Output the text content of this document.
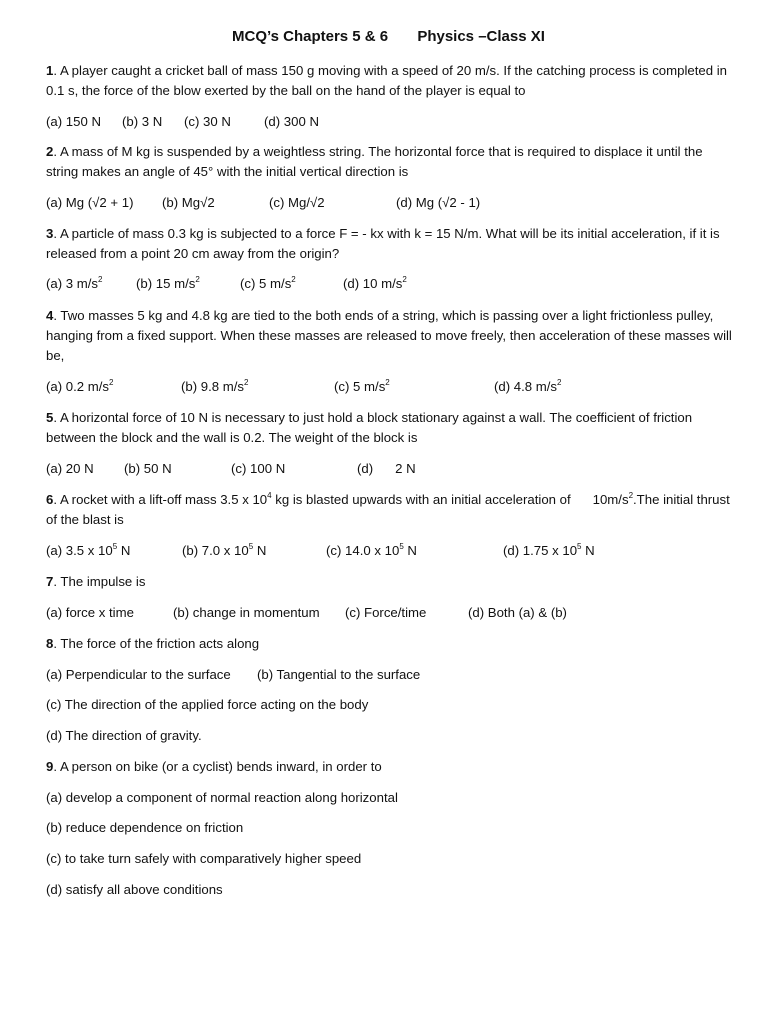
MCQ’s Chapters 5 & 6       Physics –Class XI
1. A player caught a cricket ball of mass 150 g moving with a speed of 20 m/s. If the catching process is completed in 0.1 s, the force of the blow exerted by the ball on the hand of the player is equal to
(a) 150 N (b) 3 N (c) 30 N	(d) 300 N
2. A mass of M kg is suspended by a weightless string. The horizontal force that is required to displace it until the string makes an angle of 45° with the initial vertical direction is
(a) Mg (√2 + 1) (b) Mg√2	(c) Mg/√2	(d) Mg (√2 - 1)
3. A particle of mass 0.3 kg is subjected to a force F = - kx with k = 15 N/m. What will be its initial acceleration, if it is released from a point 20 cm away from the origin?
(a) 3 $m/s^2$	(b) 15 $m/s^2$	(c) 5 $m/s^2$	(d) 10 $m/s^2$
4. Two masses 5 kg and 4.8 kg are tied to the both ends of a string, which is passing over a light frictionless pulley, hanging from a fixed support. When these masses are released to move freely, then acceleration of these masses will be,
(a) 0.2 $m/s^2$	(b) 9.8 $m/s^2$	(c) 5 $m/s^2$	(d) 4.8 $m/s^2$
5. A horizontal force of 10 N is necessary to just hold a block stationary against a wall. The coefficient of friction between the block and the wall is 0.2. The weight of the block is
(a) 20 N (b) 50 N	(c) 100 N	(d)      2 N
6. A rocket with a lift-off mass 3.5 x $10^4$ kg is blasted upwards with an initial acceleration of      $10m/s^2.The$ initial thrust of the blast is
(a) 3.5 x $10^5$ N	(b) 7.0 x $10^5$ N	(c) 14.0 x $10^5$ N	(d) 1.75 x $10^5$ N
7. The impulse is
(a) force x time	(b) change in momentum (c) Force/time	(d) Both (a) & (b)
8. The force of the friction acts along
(a) Perpendicular to the surface (b) Tangential to the surface
(c) The direction of the applied force acting on the body
(d) The direction of gravity.
9. A person on bike (or a cyclist) bends inward, in order to
(a) develop a component of normal reaction along horizontal
(b) reduce dependence on friction
(c) to take turn safely with comparatively higher speed
(d) satisfy all above conditions
